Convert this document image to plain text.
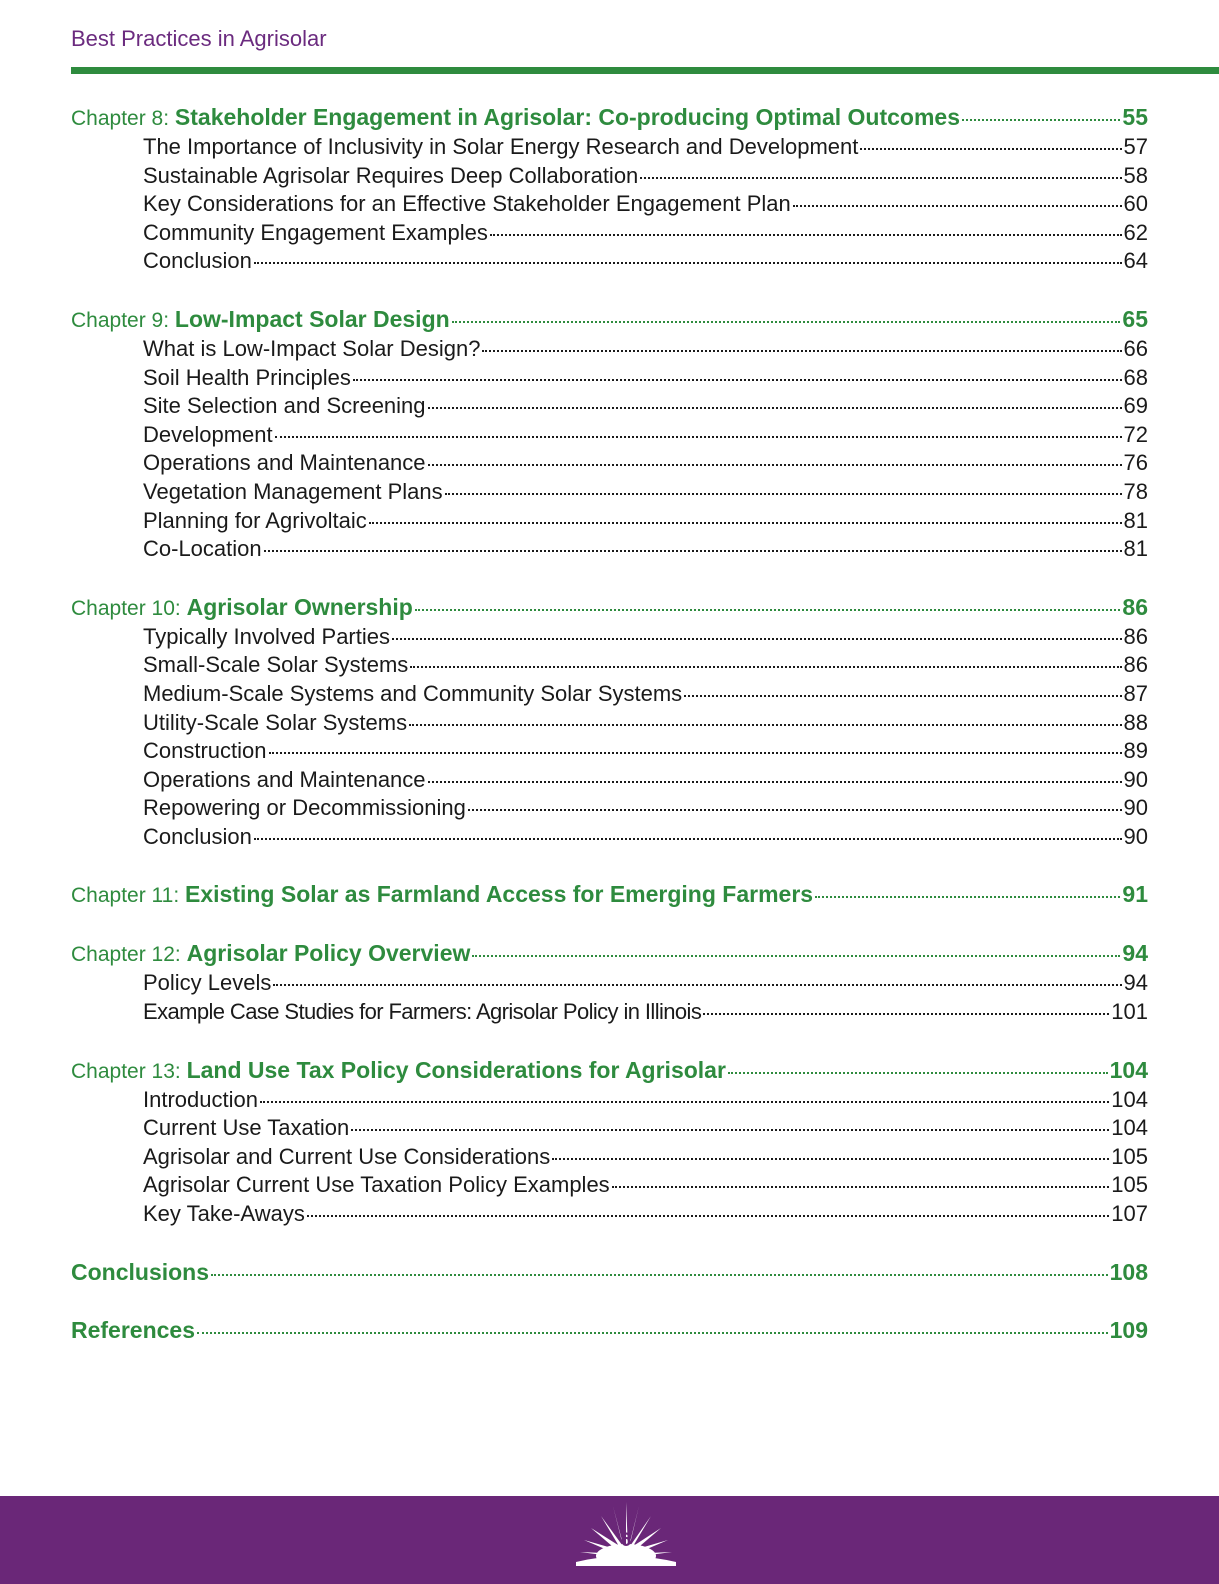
Best Practices in Agrisolar
Chapter 8: Stakeholder Engagement in Agrisolar: Co-producing Optimal Outcomes	55
The Importance of Inclusivity in Solar Energy Research and Development	57
Sustainable Agrisolar Requires Deep Collaboration	58
Key Considerations for an Effective Stakeholder Engagement Plan	60
Community Engagement Examples	62
Conclusion	64
Chapter 9: Low-Impact Solar Design	65
What is Low-Impact Solar Design?	66
Soil Health Principles	68
Site Selection and Screening	69
Development	72
Operations and Maintenance	76
Vegetation Management Plans	78
Planning for Agrivoltaic	81
Co-Location	81
Chapter 10: Agrisolar Ownership	86
Typically Involved Parties	86
Small-Scale Solar Systems	86
Medium-Scale Systems and Community Solar Systems	87
Utility-Scale Solar Systems	88
Construction	89
Operations and Maintenance	90
Repowering or Decommissioning	90
Conclusion	90
Chapter 11: Existing Solar as Farmland Access for Emerging Farmers	91
Chapter 12: Agrisolar Policy Overview	94
Policy Levels	94
Example Case Studies for Farmers: Agrisolar Policy in Illinois	101
Chapter 13: Land Use Tax Policy Considerations for Agrisolar	104
Introduction	104
Current Use Taxation	104
Agrisolar and Current Use Considerations	105
Agrisolar Current Use Taxation Policy Examples	105
Key Take-Aways	107
Conclusions	108
References	109
6
